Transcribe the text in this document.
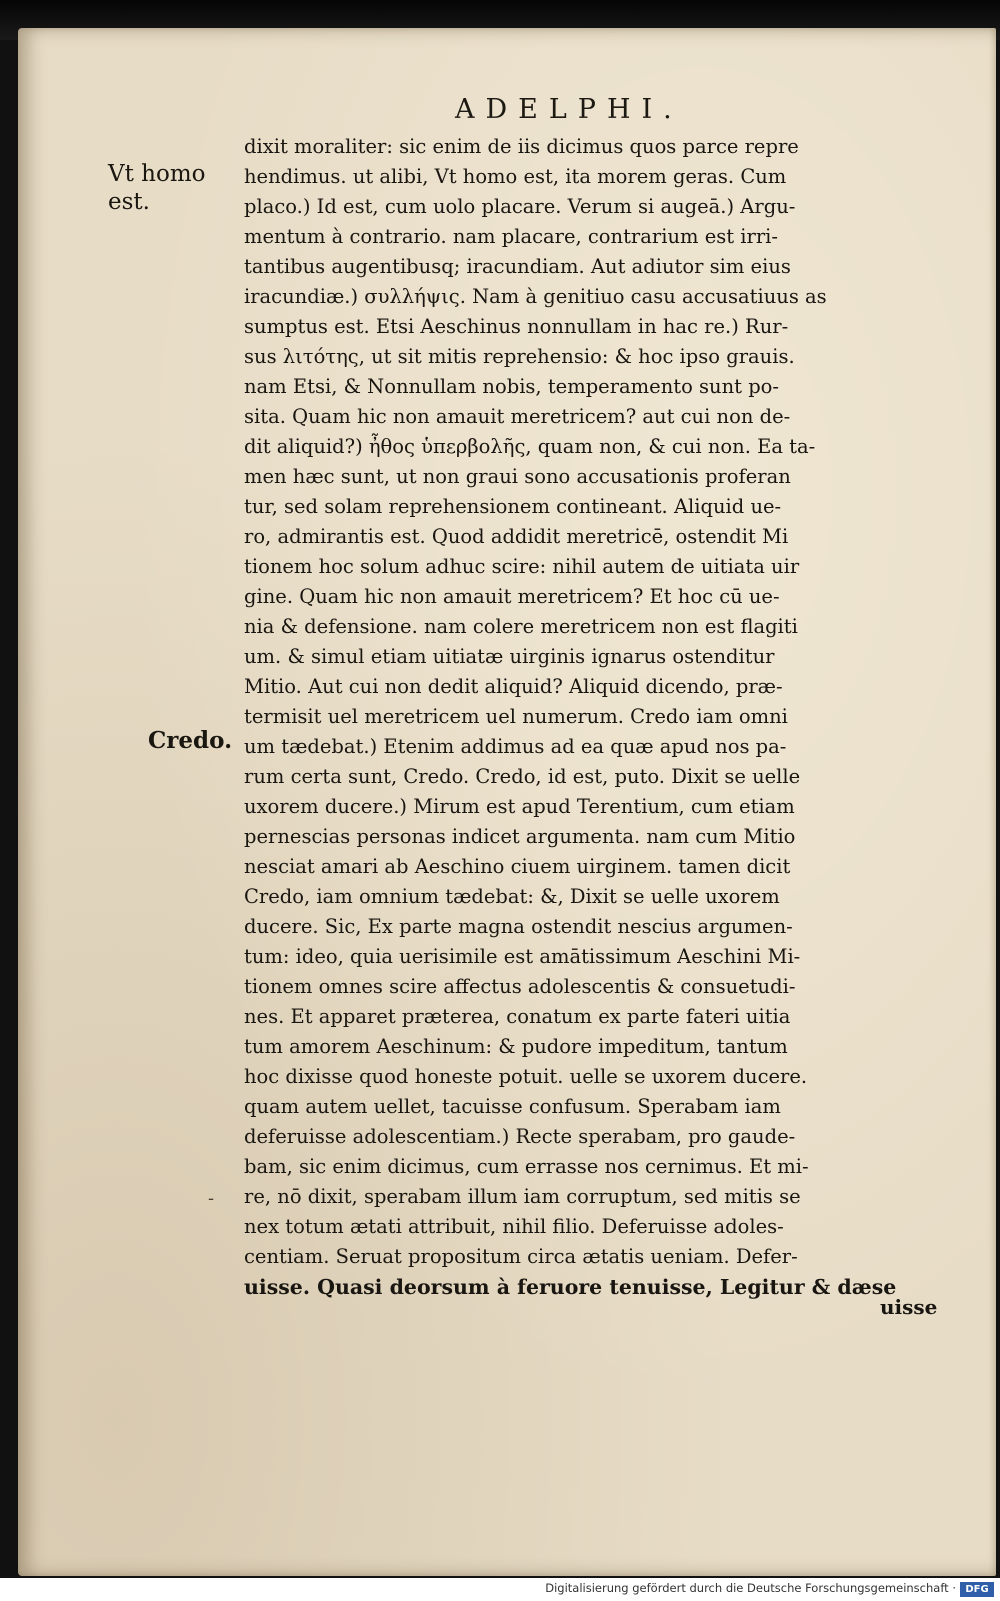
ADELPHI.
Vt homo
est.
Credo.
-
dixit moraliter: sic enim de iis dicimus quos parce repre
hendimus. ut alibi, Vt homo est, ita morem geras. Cum
placo.) Id est, cum uolo placare. Verum si augeā.) Argu-
mentum à contrario. nam placare, contrarium est irri-
tantibus augentibusq; iracundiam. Aut adiutor sim eius
iracundiæ.) συλλήψις. Nam à genitiuo casu accusatiuus as
sumptus est. Etsi Aeschinus nonnullam in hac re.) Rur-
sus λιτότης, ut sit mitis reprehensio: & hoc ipso grauis.
nam Etsi, & Nonnullam nobis, temperamento sunt po-
sita. Quam hic non amauit meretricem? aut cui non de-
dit aliquid?) ἦθος ὑπερβολῆς, quam non, & cui non. Ea ta-
men hæc sunt, ut non graui sono accusationis proferan
tur, sed solam reprehensionem contineant. Aliquid ue-
ro, admirantis est. Quod addidit meretricē, ostendit Mi
tionem hoc solum adhuc scire: nihil autem de uitiata uir
gine. Quam hic non amauit meretricem? Et hoc cū ue-
nia & defensione. nam colere meretricem non est flagiti
um. & simul etiam uitiatæ uirginis ignarus ostenditur
Mitio. Aut cui non dedit aliquid? Aliquid dicendo, præ-
termisit uel meretricem uel numerum. Credo iam omni
um tædebat.) Etenim addimus ad ea quæ apud nos pa-
rum certa sunt, Credo. Credo, id est, puto. Dixit se uelle
uxorem ducere.) Mirum est apud Terentium, cum etiam
pernescias personas indicet argumenta. nam cum Mitio
nesciat amari ab Aeschino ciuem uirginem. tamen dicit
Credo, iam omnium tædebat: &, Dixit se uelle uxorem
ducere. Sic, Ex parte magna ostendit nescius argumen-
tum: ideo, quia uerisimile est amātissimum Aeschini Mi-
tionem omnes scire affectus adolescentis & consuetudi-
nes. Et apparet præterea, conatum ex parte fateri uitia
tum amorem Aeschinum: & pudore impeditum, tantum
hoc dixisse quod honeste potuit. uelle se uxorem ducere.
quam autem uellet, tacuisse confusum. Sperabam iam
deferuisse adolescentiam.) Recte sperabam, pro gaude-
bam, sic enim dicimus, cum errasse nos cernimus. Et mi-
re, nō dixit, sperabam illum iam corruptum, sed mitis se
nex totum ætati attribuit, nihil filio. Deferuisse adoles-
centiam. Seruat propositum circa ætatis ueniam. Defer-
uisse. Quasi deorsum à feruore tenuisse, Legitur & dæse
uisse
Digitalisierung gefördert durch die Deutsche Forschungsgemeinschaft · DFG
